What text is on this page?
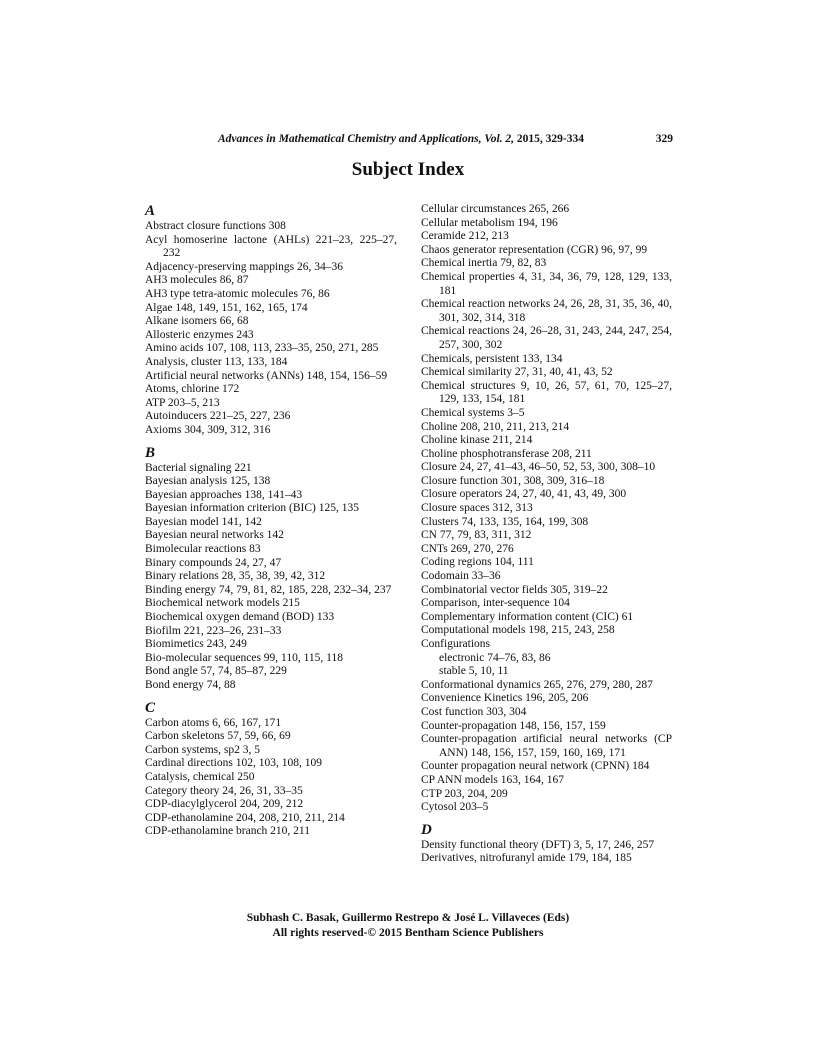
Advances in Mathematical Chemistry and Applications, Vol. 2, 2015, 329-334	329
Subject Index
A
Abstract closure functions 308
Acyl homoserine lactone (AHLs) 221–23, 225–27, 232
Adjacency-preserving mappings 26, 34–36
AH3 molecules 86, 87
AH3 type tetra-atomic molecules 76, 86
Algae 148, 149, 151, 162, 165, 174
Alkane isomers 66, 68
Allosteric enzymes 243
Amino acids 107, 108, 113, 233–35, 250, 271, 285
Analysis, cluster 113, 133, 184
Artificial neural networks (ANNs) 148, 154, 156–59
Atoms, chlorine 172
ATP 203–5, 213
Autoinducers 221–25, 227, 236
Axioms 304, 309, 312, 316
B
Bacterial signaling 221
Bayesian analysis 125, 138
Bayesian approaches 138, 141–43
Bayesian information criterion (BIC) 125, 135
Bayesian model 141, 142
Bayesian neural networks 142
Bimolecular reactions 83
Binary compounds 24, 27, 47
Binary relations 28, 35, 38, 39, 42, 312
Binding energy 74, 79, 81, 82, 185, 228, 232–34, 237
Biochemical network models 215
Biochemical oxygen demand (BOD) 133
Biofilm 221, 223–26, 231–33
Biomimetics 243, 249
Bio-molecular sequences 99, 110, 115, 118
Bond angle 57, 74, 85–87, 229
Bond energy 74, 88
C
Carbon atoms 6, 66, 167, 171
Carbon skeletons 57, 59, 66, 69
Carbon systems, sp2 3, 5
Cardinal directions 102, 103, 108, 109
Catalysis, chemical 250
Category theory 24, 26, 31, 33–35
CDP-diacylglycerol 204, 209, 212
CDP-ethanolamine 204, 208, 210, 211, 214
CDP-ethanolamine branch 210, 211
Cellular circumstances 265, 266
Cellular metabolism 194, 196
Ceramide 212, 213
Chaos generator representation (CGR) 96, 97, 99
Chemical inertia 79, 82, 83
Chemical properties 4, 31, 34, 36, 79, 128, 129, 133, 181
Chemical reaction networks 24, 26, 28, 31, 35, 36, 40, 301, 302, 314, 318
Chemical reactions 24, 26–28, 31, 243, 244, 247, 254, 257, 300, 302
Chemicals, persistent 133, 134
Chemical similarity 27, 31, 40, 41, 43, 52
Chemical structures 9, 10, 26, 57, 61, 70, 125–27, 129, 133, 154, 181
Chemical systems 3–5
Choline 208, 210, 211, 213, 214
Choline kinase 211, 214
Choline phosphotransferase 208, 211
Closure 24, 27, 41–43, 46–50, 52, 53, 300, 308–10
Closure function 301, 308, 309, 316–18
Closure operators 24, 27, 40, 41, 43, 49, 300
Closure spaces 312, 313
Clusters 74, 133, 135, 164, 199, 308
CN 77, 79, 83, 311, 312
CNTs 269, 270, 276
Coding regions 104, 111
Codomain 33–36
Combinatorial vector fields 305, 319–22
Comparison, inter-sequence 104
Complementary information content (CIC) 61
Computational models 198, 215, 243, 258
Configurations
electronic 74–76, 83, 86
stable 5, 10, 11
Conformational dynamics 265, 276, 279, 280, 287
Convenience Kinetics 196, 205, 206
Cost function 303, 304
Counter-propagation 148, 156, 157, 159
Counter-propagation artificial neural networks (CP ANN) 148, 156, 157, 159, 160, 169, 171
Counter propagation neural network (CPNN) 184
CP ANN models 163, 164, 167
CTP 203, 204, 209
Cytosol 203–5
D
Density functional theory (DFT) 3, 5, 17, 246, 257
Derivatives, nitrofuranyl amide 179, 184, 185
Subhash C. Basak, Guillermo Restrepo & José L. Villaveces (Eds)
All rights reserved-© 2015 Bentham Science Publishers
